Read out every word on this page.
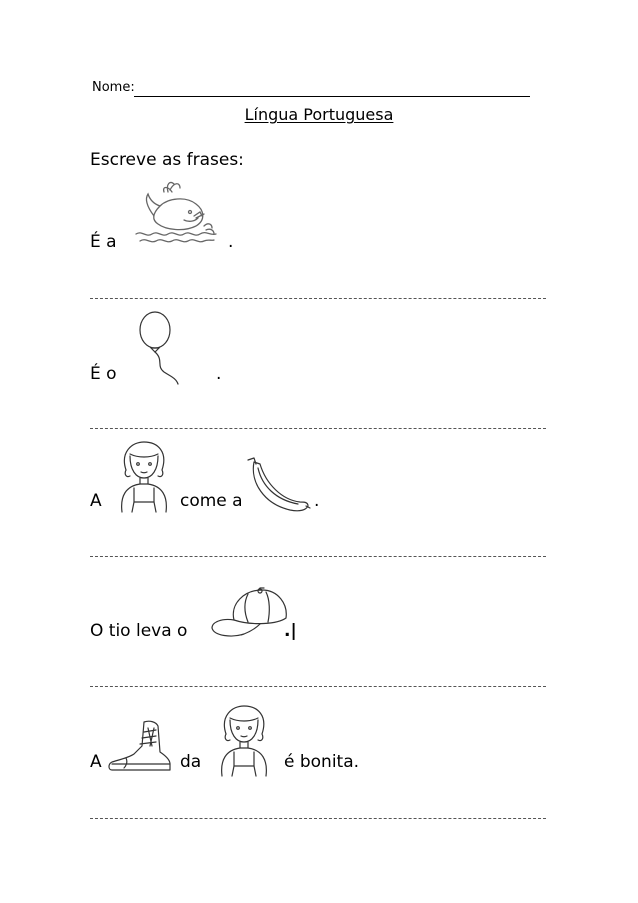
Nome:
Língua Portuguesa
Escreve as frases:
É a	.
É o	.
A	come a	.
O tio leva o	.|
A	da	é bonita.
